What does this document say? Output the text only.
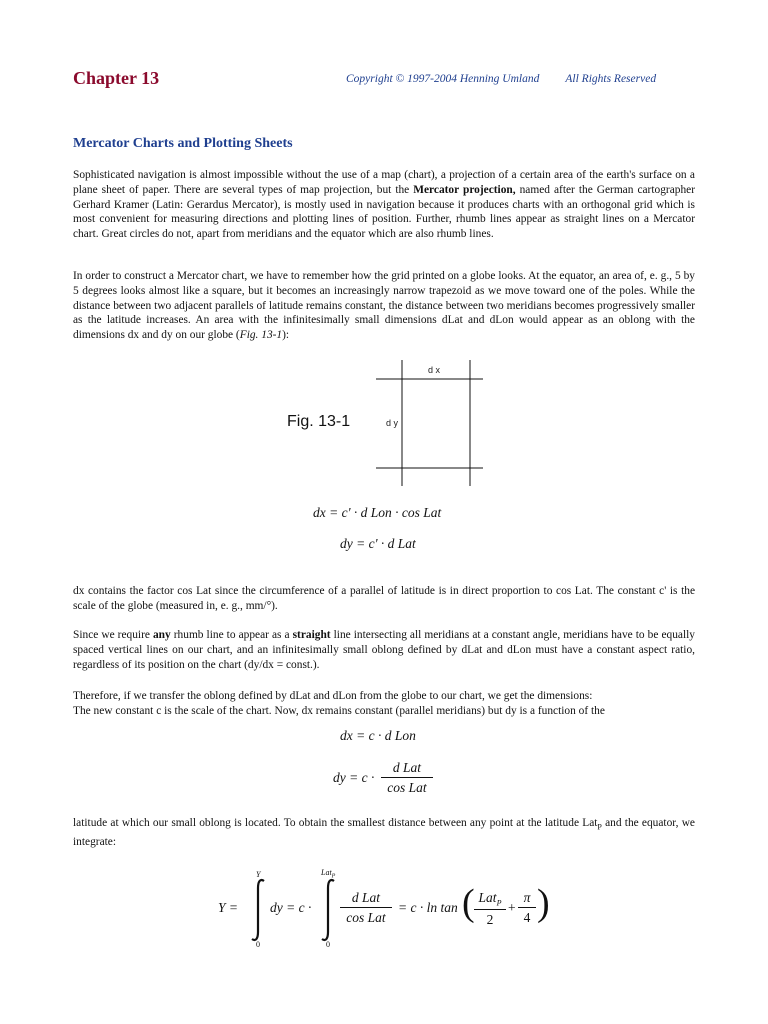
Chapter 13	Copyright © 1997-2004 Henning Umland All Rights Reserved
Mercator Charts and Plotting Sheets
Sophisticated navigation is almost impossible without the use of a map (chart), a projection of a certain area of the earth's surface on a plane sheet of paper. There are several types of map projection, but the Mercator projection, named after the German cartographer Gerhard Kramer (Latin: Gerardus Mercator), is mostly used in navigation because it produces charts with an orthogonal grid which is most convenient for measuring directions and plotting lines of position. Further, rhumb lines appear as straight lines on a Mercator chart. Great circles do not, apart from meridians and the equator which are also rhumb lines.
In order to construct a Mercator chart, we have to remember how the grid printed on a globe looks. At the equator, an area of, e. g., 5 by 5 degrees looks almost like a square, but it becomes an increasingly narrow trapezoid as we move toward one of the poles. While the distance between two adjacent parallels of latitude remains constant, the distance between two meridians becomes progressively smaller as the latitude increases. An area with the infinitesimally small dimensions dLat and dLon would appear as an oblong with the dimensions dx and dy on our globe (Fig. 13-1):
Fig. 13-1
d x
d y
dx = c' · d Lon · cos Lat
dy = c' · d Lat
dx contains the factor cos Lat since the circumference of a parallel of latitude is in direct proportion to cos Lat. The constant c' is the scale of the globe (measured in, e. g., mm/°).
Since we require any rhumb line to appear as a straight line intersecting all meridians at a constant angle, meridians have to be equally spaced vertical lines on our chart, and an infinitesimally small oblong defined by dLat and dLon must have a constant aspect ratio, regardless of its position on the chart (dy/dx = const.).
Therefore, if we transfer the oblong defined by dLat and dLon from the globe to our chart, we get the dimensions:
The new constant c is the scale of the chart. Now, dx remains constant (parallel meridians) but dy is a function of the
dx = c · d Lon
dy = c ·
d Lat
cos Lat
latitude at which our small oblong is located. To obtain the smallest distance between any point at the latitude Lat$_P$ and the equator, we integrate:
Y =
Y
0
dy = c ·
Lat$_P$
0
d Lat
cos Lat
= c · ln tan ( Lat$_P$
2
+ $\frac{\pi}{4}$ )
